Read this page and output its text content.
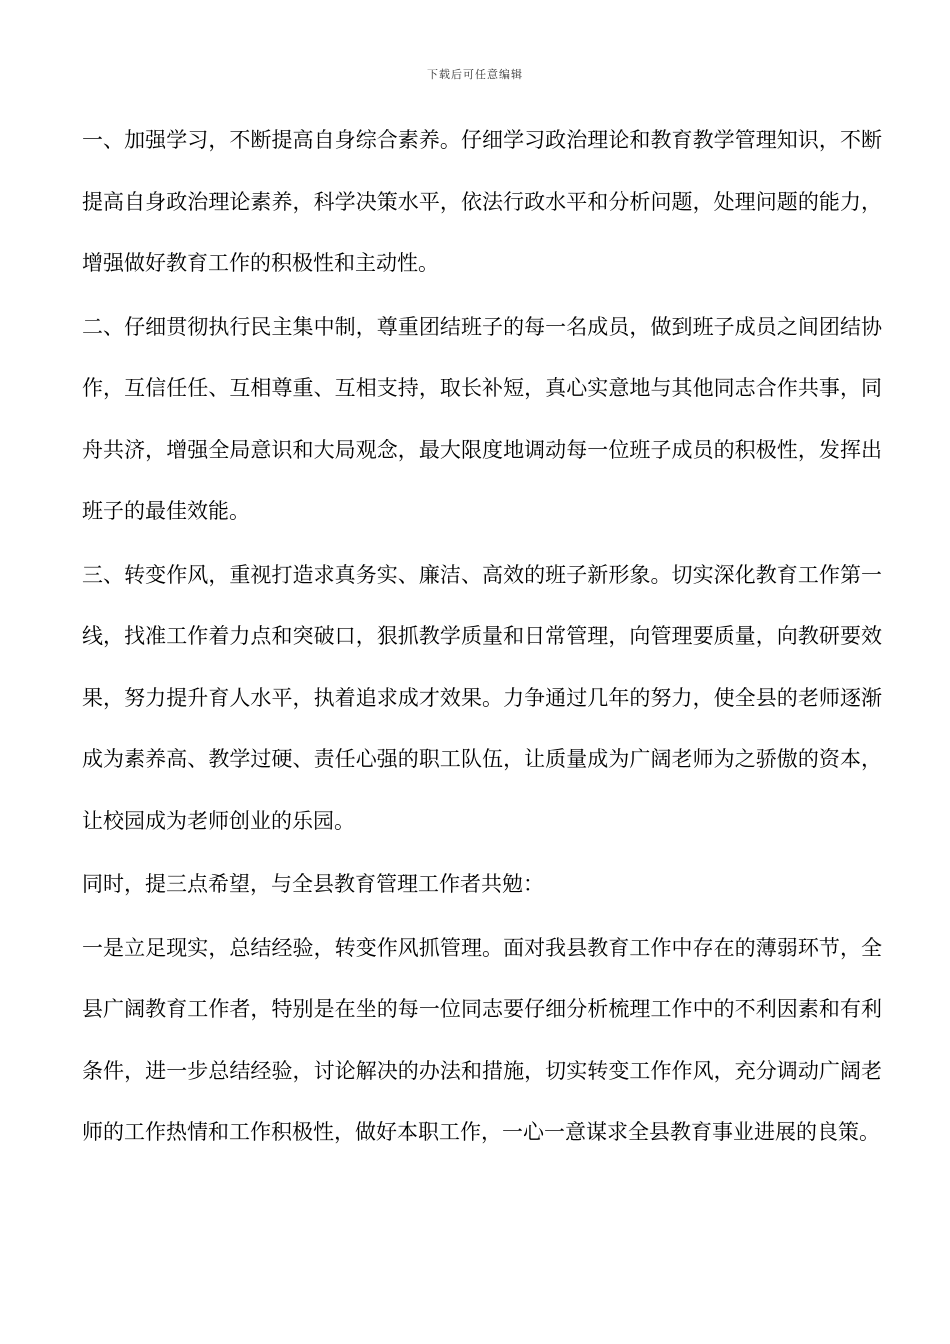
下载后可任意编辑

一、加强学习，不断提高自身综合素养。仔细学习政治理论和教育教学管理知识，不断提高自身政治理论素养，科学决策水平，依法行政水平和分析问题，处理问题的能力，增强做好教育工作的积极性和主动性。

二、仔细贯彻执行民主集中制，尊重团结班子的每一名成员，做到班子成员之间团结协作，互信任任、互相尊重、互相支持，取长补短，真心实意地与其他同志合作共事，同舟共济，增强全局意识和大局观念，最大限度地调动每一位班子成员的积极性，发挥出班子的最佳效能。

三、转变作风，重视打造求真务实、廉洁、高效的班子新形象。切实深化教育工作第一线，找准工作着力点和突破口，狠抓教学质量和日常管理，向管理要质量，向教研要效果，努力提升育人水平，执着追求成才效果。力争通过几年的努力，使全县的老师逐渐成为素养高、教学过硬、责任心强的职工队伍，让质量成为广阔老师为之骄傲的资本，让校园成为老师创业的乐园。

同时，提三点希望，与全县教育管理工作者共勉：

一是立足现实，总结经验，转变作风抓管理。面对我县教育工作中存在的薄弱环节，全县广阔教育工作者，特别是在坐的每一位同志要仔细分析梳理工作中的不利因素和有利条件，进一步总结经验，讨论解决的办法和措施，切实转变工作作风，充分调动广阔老师的工作热情和工作积极性，做好本职工作，一心一意谋求全县教育事业进展的良策。
